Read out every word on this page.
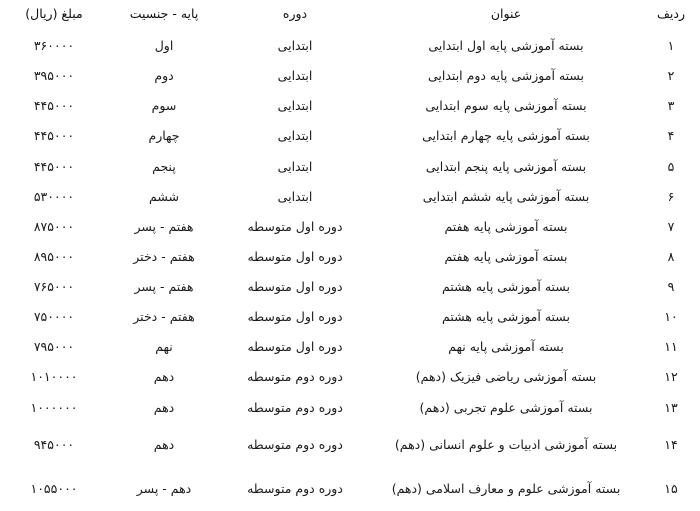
ردیف	عنوان	دوره	پایه - جنسیت	مبلغ (ریال)
۱	بسته آموزشی پایه اول ابتدایی	ابتدایی	اول	۳۶۰۰۰۰
۲	بسته آموزشی پایه دوم ابتدایی	ابتدایی	دوم	۳۹۵۰۰۰
۳	بسته آموزشی پایه سوم ابتدایی	ابتدایی	سوم	۴۴۵۰۰۰
۴	بسته آموزشی پایه چهارم ابتدایی	ابتدایی	چهارم	۴۴۵۰۰۰
۵	بسته آموزشی پایه پنجم ابتدایی	ابتدایی	پنجم	۴۴۵۰۰۰
۶	بسته آموزشی پایه ششم ابتدایی	ابتدایی	ششم	۵۳۰۰۰۰
۷	بسته آموزشی پایه هفتم	دوره اول متوسطه	هفتم - پسر	۸۷۵۰۰۰
۸	بسته آموزشی پایه هفتم	دوره اول متوسطه	هفتم - دختر	۸۹۵۰۰۰
۹	بسته آموزشی پایه هشتم	دوره اول متوسطه	هفتم - پسر	۷۶۵۰۰۰
۱۰	بسته آموزشی پایه هشتم	دوره اول متوسطه	هفتم - دختر	۷۵۰۰۰۰
۱۱	بسته آموزشی پایه نهم	دوره اول متوسطه	نهم	۷۹۵۰۰۰
۱۲	بسته آموزشی ریاضی فیزیک (دهم)	دوره دوم متوسطه	دهم	۱۰۱۰۰۰۰
۱۳	بسته آموزشی علوم تجربی (دهم)	دوره دوم متوسطه	دهم	۱۰۰۰۰۰۰
۱۴	بسته آموزشی ادبیات و علوم انسانی (دهم)	دوره دوم متوسطه	دهم	۹۴۵۰۰۰
۱۵	بسته آموزشی علوم و معارف اسلامی (دهم)	دوره دوم متوسطه	دهم - پسر	۱۰۵۵۰۰۰
